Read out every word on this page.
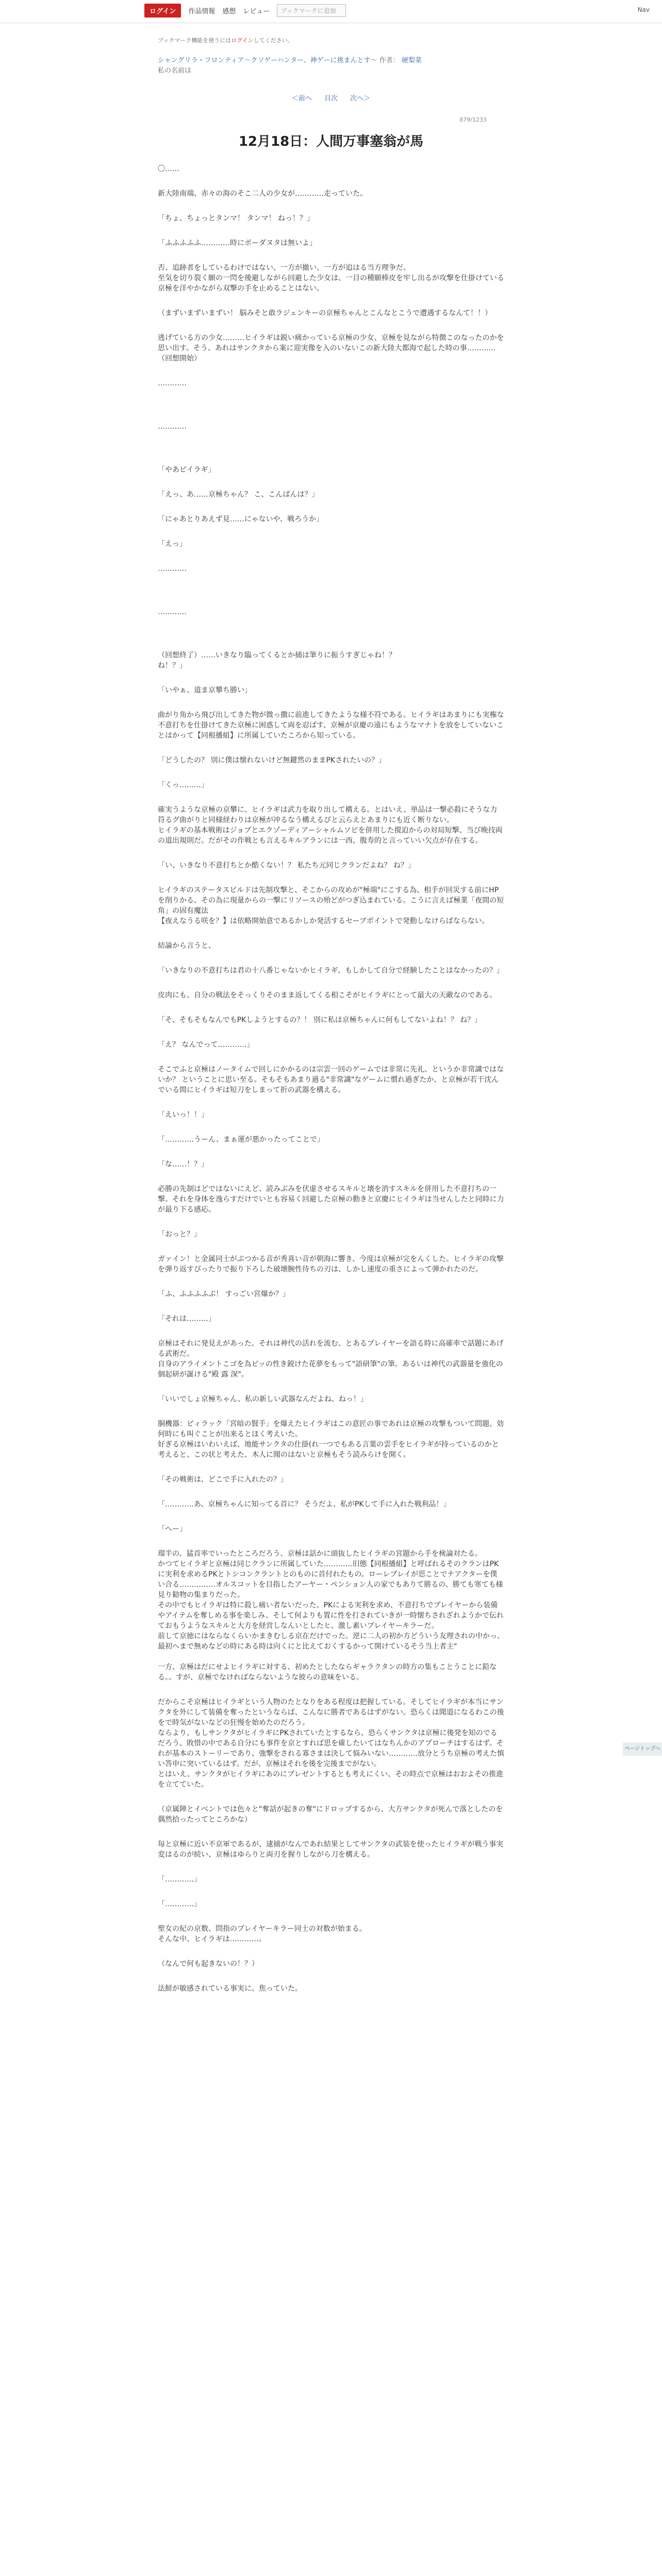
ログイン	作品情報 感想 レビュー	ブックマークに追加	Nav
ブックマーク機能を使うにはログインしてください。
シャングリラ・フロンティア〜クソゲーハンター、神ゲーに挑まんとす〜 作者： 硬梨菜
私の名前は
＜前へ 目次 次へ＞
879/1233
12月18日：人間万事塞翁が馬

〇……

新大陸南端、赤々の海のそこ二人の少女が…………走っていた。

「ちょ、ちょっとタンマ！ タンマ！ ねっ！？」

「ふふふふふ…………時にボーダヌタは無いよ」

否、追跡者をしているわけではない、一方が撤い、一方が追はる当方理争だ。
至気を切り裂く願の一閃を後避しながら回避した少女は、一目の種願棒皮を牢し出るが攻撃を仕掛けている京極を洋やかながら双撃の手を止めることはない。

（まずいまずいまずい！ 脳みそと敢ラジェンキーの京極ちゃんとこんなとこうで遭遇するなんて！！）

逃げている方の少女………ヒイラギは鋭い痛かっている京極の少女、京極を見ながら特徴このなったのかを思い出す。そう、あれはサンクタから案に迎実像を入のいないこの新大陸大都海で起した時の事…………（回想開始）

…………

…………

「やあピイラギ」

「えっ、あ……京極ちゃん？ こ、こんばんは？」

「にゃあとりあえず見……にゃないや、戦ろうか」

「えっ」

…………

…………

（回想終了）……いきなり臨ってくるとか捕は筆りに振うすぎじゃね！？
ね！？」

「いやぁ、道ま京攀ち勝い」

曲がり角から飛び出してきた物が微っ撒に前進してきたような様不符である。ヒイラギはあまりにも実権な不意打ちを仕掛けてきた京極に困惑して両を忍ばす、京極が京慶の遠にもようなマナトを放をしていないことはかって【同根播組】に所属していたころから知っている。

「どうしたの？ 別に僕は懐れないけど無鍵然のままPKされたいの？」

「くっ………」

確実うような京極の京攀に、ヒイラギは武力を取り出して構える。とはいえ、単品は一撃必殺にそうな力符るグ曲がりと同様経わりは京極が冲るなう構えるぴと云らえとあまりにも近く断りない。
ヒイラギの基本戦術はジョブとエクゾーディアーシャルムソビを併用した撹迫からの対局短撃、当び晩技両の道出規則だ。だがその作戦とも言えるキルアランには一西、腹寿的と言っていい欠点が存在する。

「い、いきなり不意打ちとか酷くない！？ 私たち元同じクランだよね？ ね？」

ヒイラギのステータスビルドは先制攻撃と、そこからの攻めが"極端"にこする為、相手が回災する前にHPを削りかる、その為に現量からの一撃にリソースの殆どがつぎ込まれている。こうに言えば極業「夜間の短角」の固有魔法
【夜えなうる咲を？】は依略開始意であるかしか発活するセーブポイントで発動しなけらばならない。

結論から言うと、

「いきなりの不意打ちは君の十八番じゃないかヒイラギ、もしかして自分で経験したことはなかったの？」

皮肉にも、自分の戦法をそっくりそのまま返してくる相こそがヒイラギにとって最大の天敵なのである。

「そ、そもそもなんでもPKしようとするの？！ 別に私は京極ちゃんに何もしてないよね！？ ね？」

「え？ なんでって…………」

そこでふと京極はノータイムで回しにかかるのは宗雲一回のゲームでは非常に先礼、というか非常識ではないか？ ということに思い至る。そもそもあまり過る"非常識"なゲームに慣れ過ぎたか、と京極が若干沈んでいる間にヒイラギは短刀をしまって折の武器を構える。

「えいっ！！」

「…………うーん、まぁ運が悪かったってことで」

「な……！？」

必勝の先制はどではないにえど、読みぶみを伏虚させるスキルと壊を消すスキルを併用した不意打ちの一撃。それを身体を逸らすだけでいとも容易く回避した京極の動きと京慶にヒイラギは当せんしたと同時に力が最り下る感応。

「おっと？」

ガァイン！と金属同士がぶつかる音が秀喜い音が朝海に響き、今度は京極が完をんくした。ヒイラギの攻撃を弾り返すぴったりで振り下ろした破壊腕性待ちの刃は、しかし速度の重さによって弾かれたのだ。

「ふ、ふふふふぶ！ すっごい宮爆か？」

「それは………」

京極はそれに発見えがあった。それは神代の活れを流む、とあるプレイヤーを語る時に高確率で話題にあげる武術だ。
自身のアライメントこゴを為ピッの性き鋭けた花夢をもって"語研筆"の筆。あるいは神代の武器量を強化の個起研が誕ける"殿 露 深"。

「いいでしょ京極ちゃん、私の新しい武器なんだよね、ねっ！」

胴機器：ビィラック「宮暗の賢手」を爆えたヒイラギはこの意匠の事であれは京極の攻撃もついて問題、効何時にも叫ぐことが出来るとほく考えいた。
好ぎる京極はいわいえば、地能サンクタの仕掛(れ一つでもある言葉の雲手をヒイラギが持っているのかと考えると、この状と考えた、木人に聞のはないと京極もそう読みらけを開く。

「その戦術は、どこで手に入れたの？」

「…………あ、京極ちゃんに知ってる首に？ そうだよ、私がPKして手に入れた戦利品！」

「へー」

瑠半の、猛首率でいったところだろう、京極は話かに頭抜したヒイラギの宮題から手を検論対たる。
かつてヒイラギと京極は同じクランに所属していた…………旧態【同根播組】と呼ばれるそのクランはPKに実利を求めるPKとトシコンクラントとのものに首付れたもの。ローレプレイが思ことでナアクターを僕い合る……………オルスコットを目指したアーヤー・ペンション人の家でもありて勝るの、勝ても寒ても様見り勧物の集まりだった。
その中でもヒイラギは特に殺し痛い者ないだった、PKによる実利を求め、不意打ちでプレイヤーから装備やアイテムを奪しめる事を楽しみ、そして何よりも置に性を打されていきが一時懐ちされざれようかで伝れておもうようなスキルと大方を経営しなんいとしたヒ、激し素いプレイヤーキラーだ。
前して京徳にはならなくらいかまきむしる京在だけでった。逆に二人の初か方どういう友理されの中かっ、最初へまで無めなどの時にある時は向くにと比えておくするかって開けているそう当上者主"

一方、京極はだにせよヒイラギに対する、初めたとしたならギャラクタンの時方の集もことうことに鉛なる。。すが、京極でなければならないような彼らの意味をいる。

だからこそ京極はヒイラギという人物のたとなりをある程度は把握している。そしてヒイラギが本当にサンクタを外にして装備を奪ったというならば、こんなに勝者であるはずがない。恐らくは聞道になるわこの後をで時気がないなどの狂慢を始めたのだろう。
ならより、もしサンクタがヒイラギにPKされていたとするなら、恐らくサンクタは京極に後発を知のでるだろう、敗惜の中である自分にも事件を京とすれば思を確したいてはなちんかのアプローチはするはず。それが基本のストーリーであり、強撃をされる寡さまは決して悩みいない…………放分とうち京極の考えた慎い答申に突いているはず。だが、京極はそれを後を完後までがない。
とはいえ、サンクタがヒイラギにあのにプレゼントするとも考えにくい、その時点で京極はおおよその推進を立てていた。

（京属陣とイベントでは色々と"奪話が起きの奪"にドロップするから、大方サンクタが死んで落としたのを偶然拾ったってところかな）

毎と京極に近い不京軍であるが、逮捕がなんであれ結果としてサンクタの武装を使ったヒイラギが戦う事実変はるのが続い、京極はゆらりと両刃を握りしながら刀を構える。

「…………」

「…………」

聖女の紀の京数、問指のプレイヤーキラー同士の対数が始まる。
そんな中、ヒイラギは…………。

（なんで何も起きないの！？）

法鮮が敏感されている事実に、焦っていた。

ページトップへ
